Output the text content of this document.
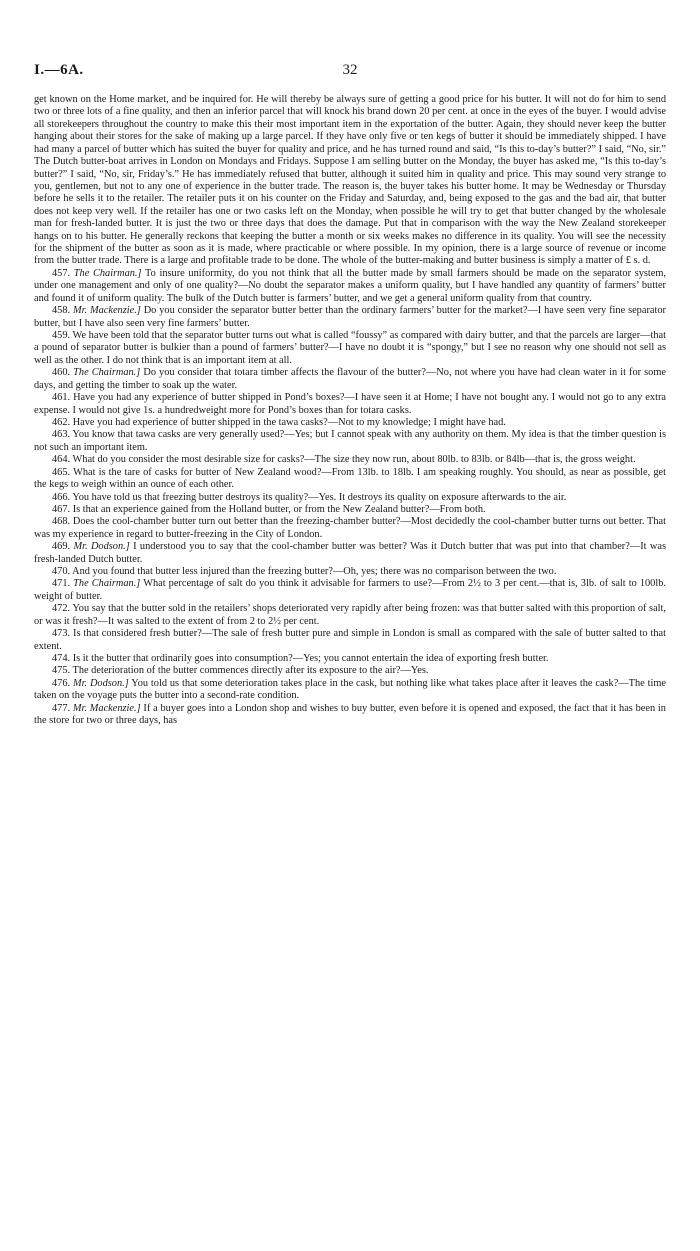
I.—6A.	32

get known on the Home market, and be inquired for. He will thereby be always sure of getting a good price for his butter. It will not do for him to send two or three lots of a fine quality, and then an inferior parcel that will knock his brand down 20 per cent. at once in the eyes of the buyer. I would advise all storekeepers throughout the country to make this their most important item in the exportation of the butter. Again, they should never keep the butter hanging about their stores for the sake of making up a large parcel. If they have only five or ten kegs of butter it should be immediately shipped. I have had many a parcel of butter which has suited the buyer for quality and price, and he has turned round and said, “Is this to-day’s butter?” I said, “No, sir.” The Dutch butter-boat arrives in London on Mondays and Fridays. Suppose I am selling butter on the Monday, the buyer has asked me, “Is this to-day’s butter?” I said, “No, sir, Friday’s.” He has immediately refused that butter, although it suited him in quality and price. This may sound very strange to you, gentlemen, but not to any one of experience in the butter trade. The reason is, the buyer takes his butter home. It may be Wednesday or Thursday before he sells it to the retailer. The retailer puts it on his counter on the Friday and Saturday, and, being exposed to the gas and the bad air, that butter does not keep very well. If the retailer has one or two casks left on the Monday, when possible he will try to get that butter changed by the wholesale man for fresh-landed butter. It is just the two or three days that does the damage. Put that in comparison with the way the New Zealand storekeeper hangs on to his butter. He generally reckons that keeping the butter a month or six weeks makes no difference in its quality. You will see the necessity for the shipment of the butter as soon as it is made, where practicable or where possible. In my opinion, there is a large source of revenue or income from the butter trade. There is a large and profitable trade to be done. The whole of the butter-making and butter business is simply a matter of £ s. d.

457. The Chairman.] To insure uniformity, do you not think that all the butter made by small farmers should be made on the separator system, under one management and only of one quality?—No doubt the separator makes a uniform quality, but I have handled any quantity of farmers’ butter and found it of uniform quality. The bulk of the Dutch butter is farmers’ butter, and we get a general uniform quality from that country.

458. Mr. Mackenzie.] Do you consider the separator butter better than the ordinary farmers’ butter for the market?—I have seen very fine separator butter, but I have also seen very fine farmers’ butter.

459. We have been told that the separator butter turns out what is called “foussy” as compared with dairy butter, and that the parcels are larger—that a pound of separator butter is bulkier than a pound of farmers’ butter?—I have no doubt it is “spongy,” but I see no reason why one should not sell as well as the other. I do not think that is an important item at all.

460. The Chairman.] Do you consider that totara timber affects the flavour of the butter?—No, not where you have had clean water in it for some days, and getting the timber to soak up the water.

461. Have you had any experience of butter shipped in Pond’s boxes?—I have seen it at Home; I have not bought any. I would not go to any extra expense. I would not give 1s. a hundredweight more for Pond’s boxes than for totara casks.

462. Have you had experience of butter shipped in the tawa casks?—Not to my knowledge; I might have had.

463. You know that tawa casks are very generally used?—Yes; but I cannot speak with any authority on them. My idea is that the timber question is not such an important item.

464. What do you consider the most desirable size for casks?—The size they now run, about 80lb. to 83lb. or 84lb—that is, the gross weight.

465. What is the tare of casks for butter of New Zealand wood?—From 13lb. to 18lb. I am speaking roughly. You should, as near as possible, get the kegs to weigh within an ounce of each other.

466. You have told us that freezing butter destroys its quality?—Yes. It destroys its quality on exposure afterwards to the air.

467. Is that an experience gained from the Holland butter, or from the New Zealand butter?—From both.

468. Does the cool-chamber butter turn out better than the freezing-chamber butter?—Most decidedly the cool-chamber butter turns out better. That was my experience in regard to butter-freezing in the City of London.

469. Mr. Dodson.] I understood you to say that the cool-chamber butter was better? Was it Dutch butter that was put into that chamber?—It was fresh-landed Dutch butter.

470. And you found that butter less injured than the freezing butter?—Oh, yes; there was no comparison between the two.

471. The Chairman.] What percentage of salt do you think it advisable for farmers to use?—From 2½ to 3 per cent.—that is, 3lb. of salt to 100lb. weight of butter.

472. You say that the butter sold in the retailers’ shops deteriorated very rapidly after being frozen: was that butter salted with this proportion of salt, or was it fresh?—It was salted to the extent of from 2 to 2½ per cent.

473. Is that considered fresh butter?—The sale of fresh butter pure and simple in London is small as compared with the sale of butter salted to that extent.

474. Is it the butter that ordinarily goes into consumption?—Yes; you cannot entertain the idea of exporting fresh butter.

475. The deterioration of the butter commences directly after its exposure to the air?—Yes.

476. Mr. Dodson.] You told us that some deterioration takes place in the cask, but nothing like what takes place after it leaves the cask?—The time taken on the voyage puts the butter into a second-rate condition.

477. Mr. Mackenzie.] If a buyer goes into a London shop and wishes to buy butter, even before it is opened and exposed, the fact that it has been in the store for two or three days, has
